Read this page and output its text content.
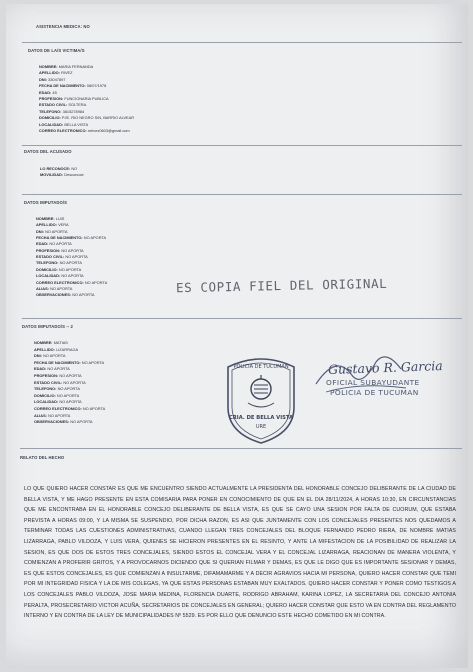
ASISTENCIA MEDICA: NO
DATOS DE LA/S VICTIMA/S
NOMBRE: MARIA FERNANDA
APELLIDO: RIVEZ
DNI: 33047897
FECHA DE NACIMIENTO: 08/07/1978
EDAD: 45
PROFESION: FUNCIONARIA PUBLICA
ESTADO CIVIL: SOLTERA
TELEFONO: 3815278984
DOMICILIO: PJE. RIO NEGRO S/N, BARRIO ALVEAR
LOCALIDAD: BELLA VISTA
CORREO ELECTRONICO: mrivez0603@gmail.com
DATOS DEL ACUSADO
LO RECONOCE: NO
MOVILIDAD: Desconoce
DATOS IMPUTADO/S
NOMBRE: LUIS
APELLIDO: VERA
DNI: NO APORTA
FECHA DE NACIMIENTO: NO APORTA
EDAD: NO APORTA
PROFESION: NO APORTA
ESTADO CIVIL: NO APORTA
TELEFONO: NO APORTA
DOMICILIO: NO APORTA
LOCALIDAD: NO APORTA
CORREO ELECTRONICO: NO APORTA
ALIAS: NO APORTA
OBSERVACIONES: NO APORTA
DATOS IMPUTADO/S -- 2
NOMBRE: MATIAS
APELLIDO: LIZARRAGA
DNI: NO APORTA
FECHA DE NACIMIENTO: NO APORTA
EDAD: NO APORTA
PROFESION: NO APORTA
ESTADO CIVIL: NO APORTA
TELEFONO: NO APORTA
DOMICILIO: NO APORTA
LOCALIDAD: NO APORTA
CORREO ELECTRONICO: NO APORTA
ALIAS: NO APORTA
OBSERVACIONES: NO APORTA
ES COPIA FIEL DEL ORIGINAL
POLICIA DE TUCUMAN
CRIA. DE BELLA VISTA
URE
Gustavo R. Garcia
OFICIAL SUBAYUDANTE
POLICIA DE TUCUMAN
RELATO DEL HECHO
LO QUE QUIERO HACER CONSTAR ES QUE ME ENCUENTRO SIENDO ACTUALMENTE LA PRESIDENTA DEL HONORABLE CONCEJO DELIBERANTE DE LA CIUDAD DE BELLA VISTA, Y ME HAGO PRESENTE EN ESTA COMISARIA PARA PONER EN CONOCIMIENTO DE QUE EN EL DIA 28/11/2024, A HORAS 10:30, EN CIRCUNSTANCIAS QUE ME ENCONTRABA EN EL HONORABLE CONCEJO DELIBERANTE DE BELLA VISTA, ES QUE SE CAYO UNA SESION POR FALTA DE CUORUM, QUE ESTABA PREVISTA A HORAS 09:00, Y LA MISMA SE SUSPENDIO, POR DICHA RAZON, ES ASI QUE JUNTAMENTE CON LOS CONCEJALES PRESENTES NOS QUEDAMOS A TERMINAR TODAS LAS CUESTIONES ADMINISTRATIVAS, CUANDO LLEGAN TRES CONCEJALES DEL BLOQUE FERNANDO PEDRO RIERA, DE NOMBRE MATIAS LIZARRAGA, PABLO VILDOZA, Y LUIS VERA, QUIENES SE HICIERON PRESENTES EN EL RESINTO, Y ANTE LA MIFESTACION DE LA POSIBILIDAD DE REALIZAR LA SESION, ES QUE DOS DE ESTOS TRES CONCEJALES, SIENDO ESTOS EL CONCEJAL VERA Y EL CONCEJAL LIZARRAGA, REACIONAN DE MANERA VIOLENTA, Y COMIENZAN A PROFERIR GRITOS, Y A PROVOCARNOS DICIENDO QUE SI QUERIAN FILMAR Y DEMAS, ES QUE LE DIGO QUE ES IMPORTANTE SESIONAR Y DEMAS, ES QUE ESTOS CONCEJALES, ES QUE COMIENZAN A INSULTARME, DIFAMAMARME Y A DECIR AGRAVIOS HACIA MI PERSONA, QUIERO HACER CONSTAR QUE TEMI POR MI INTEGRIDAD FISICA Y LA DE MIS COLEGAS, YA QUE ESTAS PERSONAS ESTABAN MUY EXALTADOS. QUIERO HACER CONSTAR Y PONER COMO TESTIGOS A LOS CONCEJALES PABLO VILDOZA, JOSE MARIA MEDINA, FLORENCIA DUARTE, RODRIGO ABRAHAM, KARINA LOPEZ, LA SECRETARIA DEL CONCEJO ANTONIA PERALTA, PROSECRETARIO VICTOR ACUÑA, SECRETARIOS DE CONCEJALES EN GENERAL; QUIERO HACER CONSTAR QUE ESTO VA EN CONTRA DEL REGLAMENTO INTERNO Y EN CONTRA DE LA LEY DE MUNICIPALIDADES Nº 5529. ES POR ELLO QUE DENUNCIO ESTE HECHO COMETIDO EN MI CONTRA.
